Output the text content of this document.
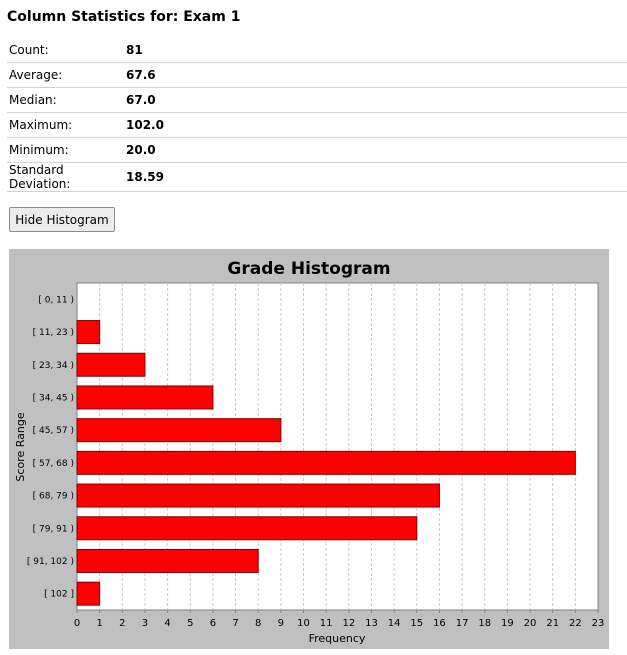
Column Statistics for: Exam 1
Count:	81
Average:	67.6
Median:	67.0
Maximum:	102.0
Minimum:	20.0
Standard Deviation:	18.59
Hide Histogram
Grade Histogram
[ 0, 11 )
[ 11, 23 )
[ 23, 34 )
[ 34, 45 )
[ 45, 57 )
[ 57, 68 )
[ 68, 79 )
[ 79, 91 )
[ 91, 102 )
[ 102 ]
0 1 2 3 4 5 6 7 8 9 10 11 12 13 14 15 16 17 18 19 20 21 22 23
Frequency
Score Range
